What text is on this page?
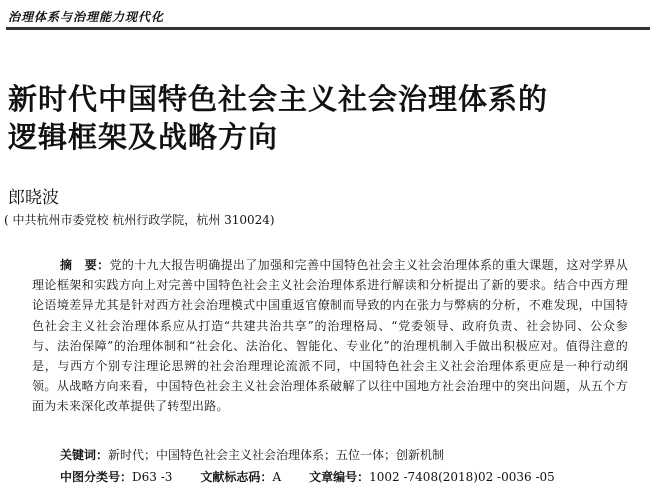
治理体系与治理能力现代化
新时代中国特色社会主义社会治理体系的
逻辑框架及战略方向
郎晓波
( 中共杭州市委党校 杭州行政学院，杭州 310024)

摘　要：党的十九大报告明确提出了加强和完善中国特色社会主义社会治理体系的重大课题，这对学界从理论框架和实践方向上对完善中国特色社会主义社会治理体系进行解读和分析提出了新的要求。结合中西方理论语境差异尤其是针对西方社会治理模式中国重返官僚制而导致的内在张力与弊病的分析，不难发现，中国特色社会主义社会治理体系应从打造“共建共治共享”的治理格局、“党委领导、政府负责、社会协同、公众参与、法治保障”的治理体制和“社会化、法治化、智能化、专业化”的治理机制入手做出积极应对。值得注意的是，与西方个别专注理论思辨的社会治理理论流派不同，中国特色社会主义社会治理体系更应是一种行动纲领。从战略方向来看，中国特色社会主义社会治理体系破解了以往中国地方社会治理中的突出问题，从五个方面为未来深化改革提供了转型出路。

关键词：新时代；中国特色社会主义社会治理体系；五位一体；创新机制
中图分类号：D63 -3 文献标志码：A 文章编号：1002 -7408(2018)02 -0036 -05
